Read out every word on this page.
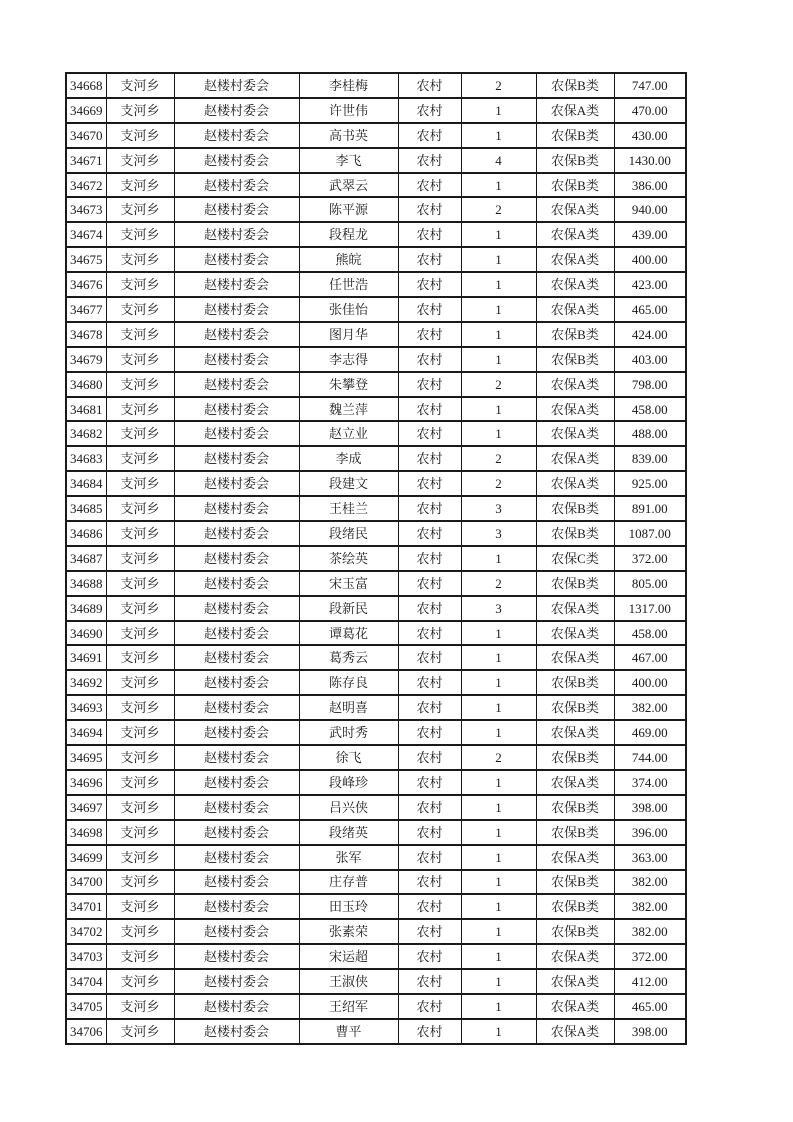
34668	支河乡	赵楼村委会	李桂梅	农村	2	农保B类	747.00
34669	支河乡	赵楼村委会	许世伟	农村	1	农保A类	470.00
34670	支河乡	赵楼村委会	高书英	农村	1	农保B类	430.00
34671	支河乡	赵楼村委会	李飞	农村	4	农保B类	1430.00
34672	支河乡	赵楼村委会	武翠云	农村	1	农保B类	386.00
34673	支河乡	赵楼村委会	陈平源	农村	2	农保A类	940.00
34674	支河乡	赵楼村委会	段程龙	农村	1	农保A类	439.00
34675	支河乡	赵楼村委会	熊皖	农村	1	农保A类	400.00
34676	支河乡	赵楼村委会	任世浩	农村	1	农保A类	423.00
34677	支河乡	赵楼村委会	张佳怡	农村	1	农保A类	465.00
34678	支河乡	赵楼村委会	图月华	农村	1	农保B类	424.00
34679	支河乡	赵楼村委会	李志得	农村	1	农保B类	403.00
34680	支河乡	赵楼村委会	朱攀登	农村	2	农保A类	798.00
34681	支河乡	赵楼村委会	魏兰萍	农村	1	农保A类	458.00
34682	支河乡	赵楼村委会	赵立业	农村	1	农保A类	488.00
34683	支河乡	赵楼村委会	李成	农村	2	农保A类	839.00
34684	支河乡	赵楼村委会	段建文	农村	2	农保A类	925.00
34685	支河乡	赵楼村委会	王桂兰	农村	3	农保B类	891.00
34686	支河乡	赵楼村委会	段绪民	农村	3	农保B类	1087.00
34687	支河乡	赵楼村委会	茶绘英	农村	1	农保C类	372.00
34688	支河乡	赵楼村委会	宋玉富	农村	2	农保B类	805.00
34689	支河乡	赵楼村委会	段新民	农村	3	农保A类	1317.00
34690	支河乡	赵楼村委会	谭葛花	农村	1	农保A类	458.00
34691	支河乡	赵楼村委会	葛秀云	农村	1	农保A类	467.00
34692	支河乡	赵楼村委会	陈存良	农村	1	农保B类	400.00
34693	支河乡	赵楼村委会	赵明喜	农村	1	农保B类	382.00
34694	支河乡	赵楼村委会	武时秀	农村	1	农保A类	469.00
34695	支河乡	赵楼村委会	徐飞	农村	2	农保B类	744.00
34696	支河乡	赵楼村委会	段峰珍	农村	1	农保A类	374.00
34697	支河乡	赵楼村委会	吕兴侠	农村	1	农保B类	398.00
34698	支河乡	赵楼村委会	段绪英	农村	1	农保B类	396.00
34699	支河乡	赵楼村委会	张军	农村	1	农保A类	363.00
34700	支河乡	赵楼村委会	庄存普	农村	1	农保B类	382.00
34701	支河乡	赵楼村委会	田玉玲	农村	1	农保B类	382.00
34702	支河乡	赵楼村委会	张素荣	农村	1	农保B类	382.00
34703	支河乡	赵楼村委会	宋运超	农村	1	农保A类	372.00
34704	支河乡	赵楼村委会	王淑侠	农村	1	农保A类	412.00
34705	支河乡	赵楼村委会	王绍军	农村	1	农保A类	465.00
34706	支河乡	赵楼村委会	曹平	农村	1	农保A类	398.00
